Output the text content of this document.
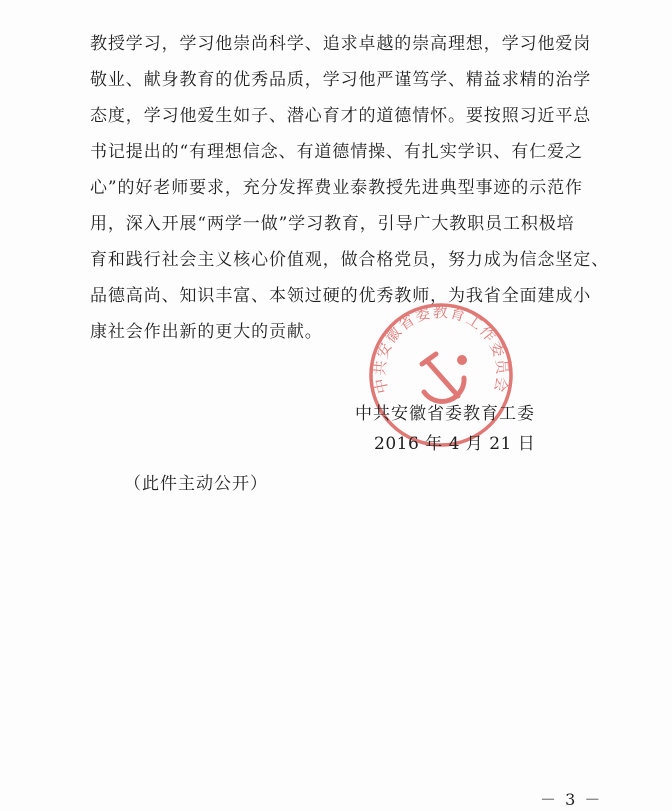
教授学习，学习他崇尚科学、追求卓越的崇高理想，学习他爱岗
敬业、献身教育的优秀品质，学习他严谨笃学、精益求精的治学
态度，学习他爱生如子、潜心育才的道德情怀。要按照习近平总
书记提出的“有理想信念、有道德情操、有扎实学识、有仁爱之
心”的好老师要求，充分发挥费业泰教授先进典型事迹的示范作
用，深入开展“两学一做”学习教育，引导广大教职员工积极培
育和践行社会主义核心价值观，做合格党员，努力成为信念坚定、
品德高尚、知识丰富、本领过硬的优秀教师，为我省全面建成小
康社会作出新的更大的贡献。
中共安徽省委教育工作委员会
中共安徽省委教育工委
2016 年 4 月 21 日
（此件主动公开）
－ 3 －
